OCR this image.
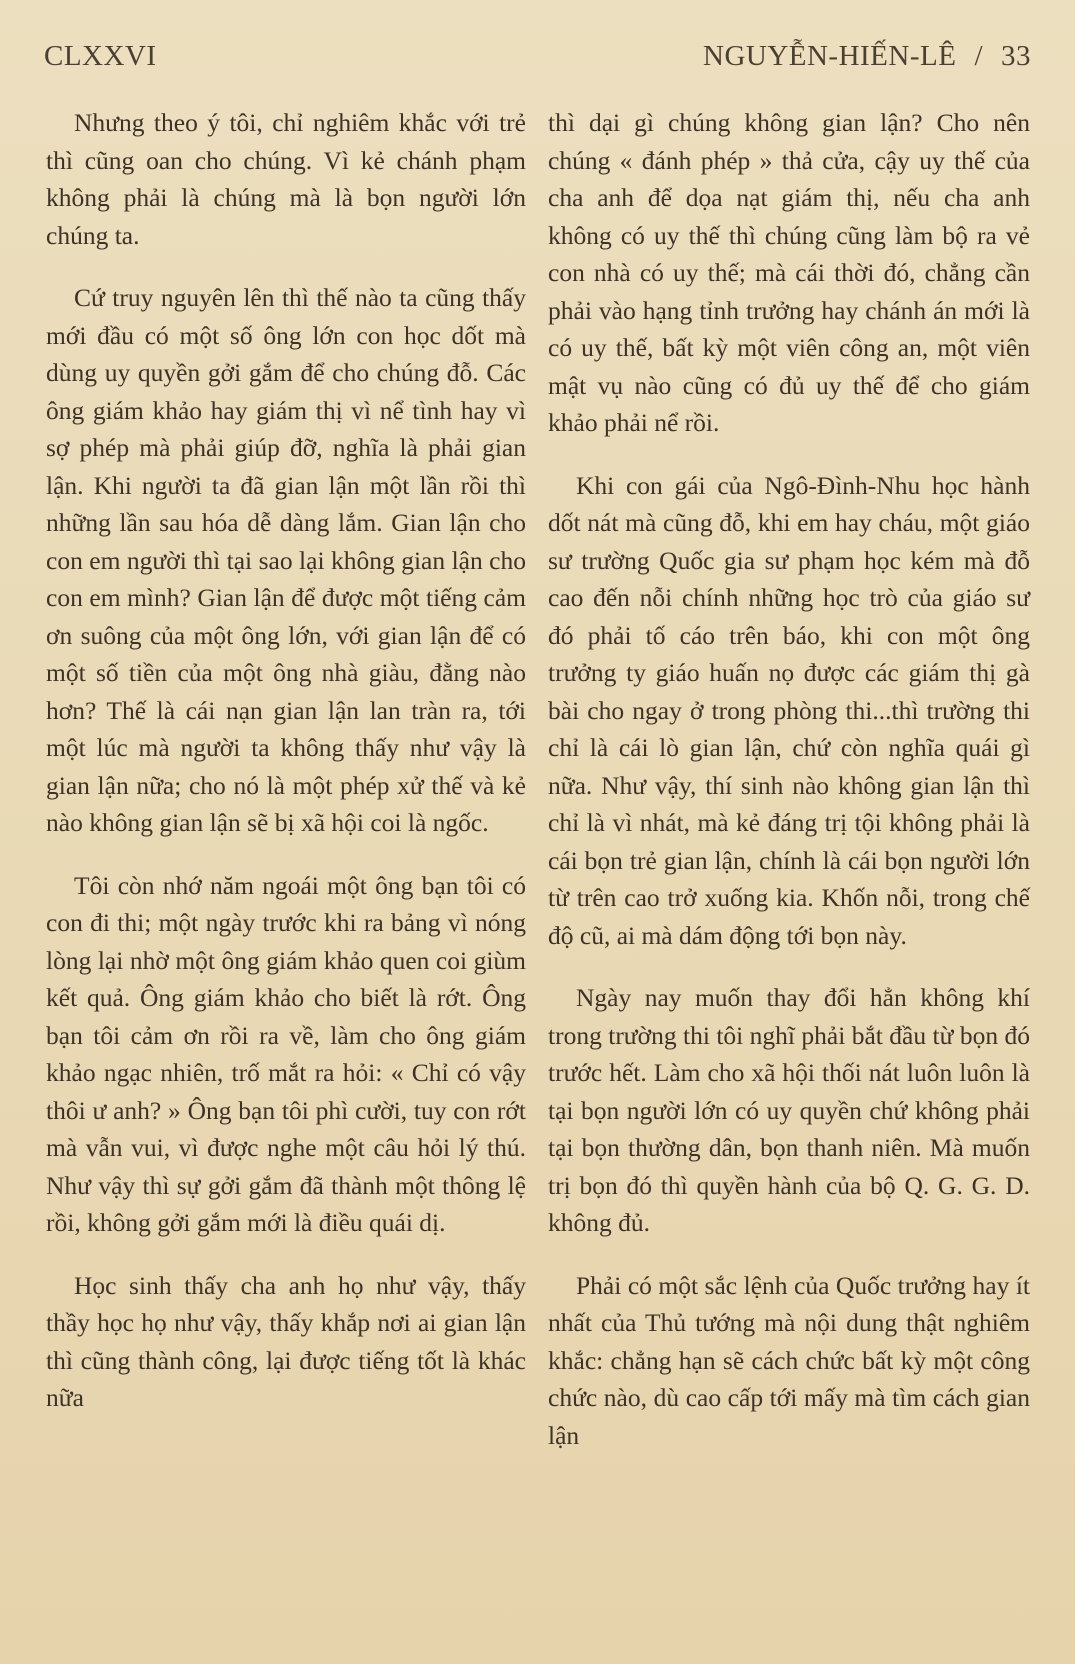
CLXXVI	NGUYỄN-HIẾN-LÊ / 33

Nhưng theo ý tôi, chỉ nghiêm khắc với trẻ thì cũng oan cho chúng. Vì kẻ chánh phạm không phải là chúng mà là bọn người lớn chúng ta.

Cứ truy nguyên lên thì thế nào ta cũng thấy mới đầu có một số ông lớn con học dốt mà dùng uy quyền gởi gắm để cho chúng đỗ. Các ông giám khảo hay giám thị vì nể tình hay vì sợ phép mà phải giúp đỡ, nghĩa là phải gian lận. Khi người ta đã gian lận một lần rồi thì những lần sau hóa dễ dàng lắm. Gian lận cho con em người thì tại sao lại không gian lận cho con em mình? Gian lận để được một tiếng cảm ơn suông của một ông lớn, với gian lận để có một số tiền của một ông nhà giàu, đằng nào hơn? Thế là cái nạn gian lận lan tràn ra, tới một lúc mà người ta không thấy như vậy là gian lận nữa; cho nó là một phép xử thế và kẻ nào không gian lận sẽ bị xã hội coi là ngốc.

Tôi còn nhớ năm ngoái một ông bạn tôi có con đi thi; một ngày trước khi ra bảng vì nóng lòng lại nhờ một ông giám khảo quen coi giùm kết quả. Ông giám khảo cho biết là rớt. Ông bạn tôi cảm ơn rồi ra về, làm cho ông giám khảo ngạc nhiên, trố mắt ra hỏi: « Chỉ có vậy thôi ư anh? » Ông bạn tôi phì cười, tuy con rớt mà vẫn vui, vì được nghe một câu hỏi lý thú. Như vậy thì sự gởi gắm đã thành một thông lệ rồi, không gởi gắm mới là điều quái dị.

Học sinh thấy cha anh họ như vậy, thấy thầy học họ như vậy, thấy khắp nơi ai gian lận thì cũng thành công, lại được tiếng tốt là khác nữa

thì dại gì chúng không gian lận? Cho nên chúng « đánh phép » thả cửa, cậy uy thế của cha anh để dọa nạt giám thị, nếu cha anh không có uy thế thì chúng cũng làm bộ ra vẻ con nhà có uy thế; mà cái thời đó, chẳng cần phải vào hạng tỉnh trưởng hay chánh án mới là có uy thế, bất kỳ một viên công an, một viên mật vụ nào cũng có đủ uy thế để cho giám khảo phải nể rồi.

Khi con gái của Ngô-Đình-Nhu học hành dốt nát mà cũng đỗ, khi em hay cháu, một giáo sư trường Quốc gia sư phạm học kém mà đỗ cao đến nỗi chính những học trò của giáo sư đó phải tố cáo trên báo, khi con một ông trưởng ty giáo huấn nọ được các giám thị gà bài cho ngay ở trong phòng thi...thì trường thi chỉ là cái lò gian lận, chứ còn nghĩa quái gì nữa. Như vậy, thí sinh nào không gian lận thì chỉ là vì nhát, mà kẻ đáng trị tội không phải là cái bọn trẻ gian lận, chính là cái bọn người lớn từ trên cao trở xuống kia. Khốn nỗi, trong chế độ cũ, ai mà dám động tới bọn này.

Ngày nay muốn thay đổi hẳn không khí trong trường thi tôi nghĩ phải bắt đầu từ bọn đó trước hết. Làm cho xã hội thối nát luôn luôn là tại bọn người lớn có uy quyền chứ không phải tại bọn thường dân, bọn thanh niên. Mà muốn trị bọn đó thì quyền hành của bộ Q. G. G. D. không đủ.

Phải có một sắc lệnh của Quốc trưởng hay ít nhất của Thủ tướng mà nội dung thật nghiêm khắc: chẳng hạn sẽ cách chức bất kỳ một công chức nào, dù cao cấp tới mấy mà tìm cách gian lận
